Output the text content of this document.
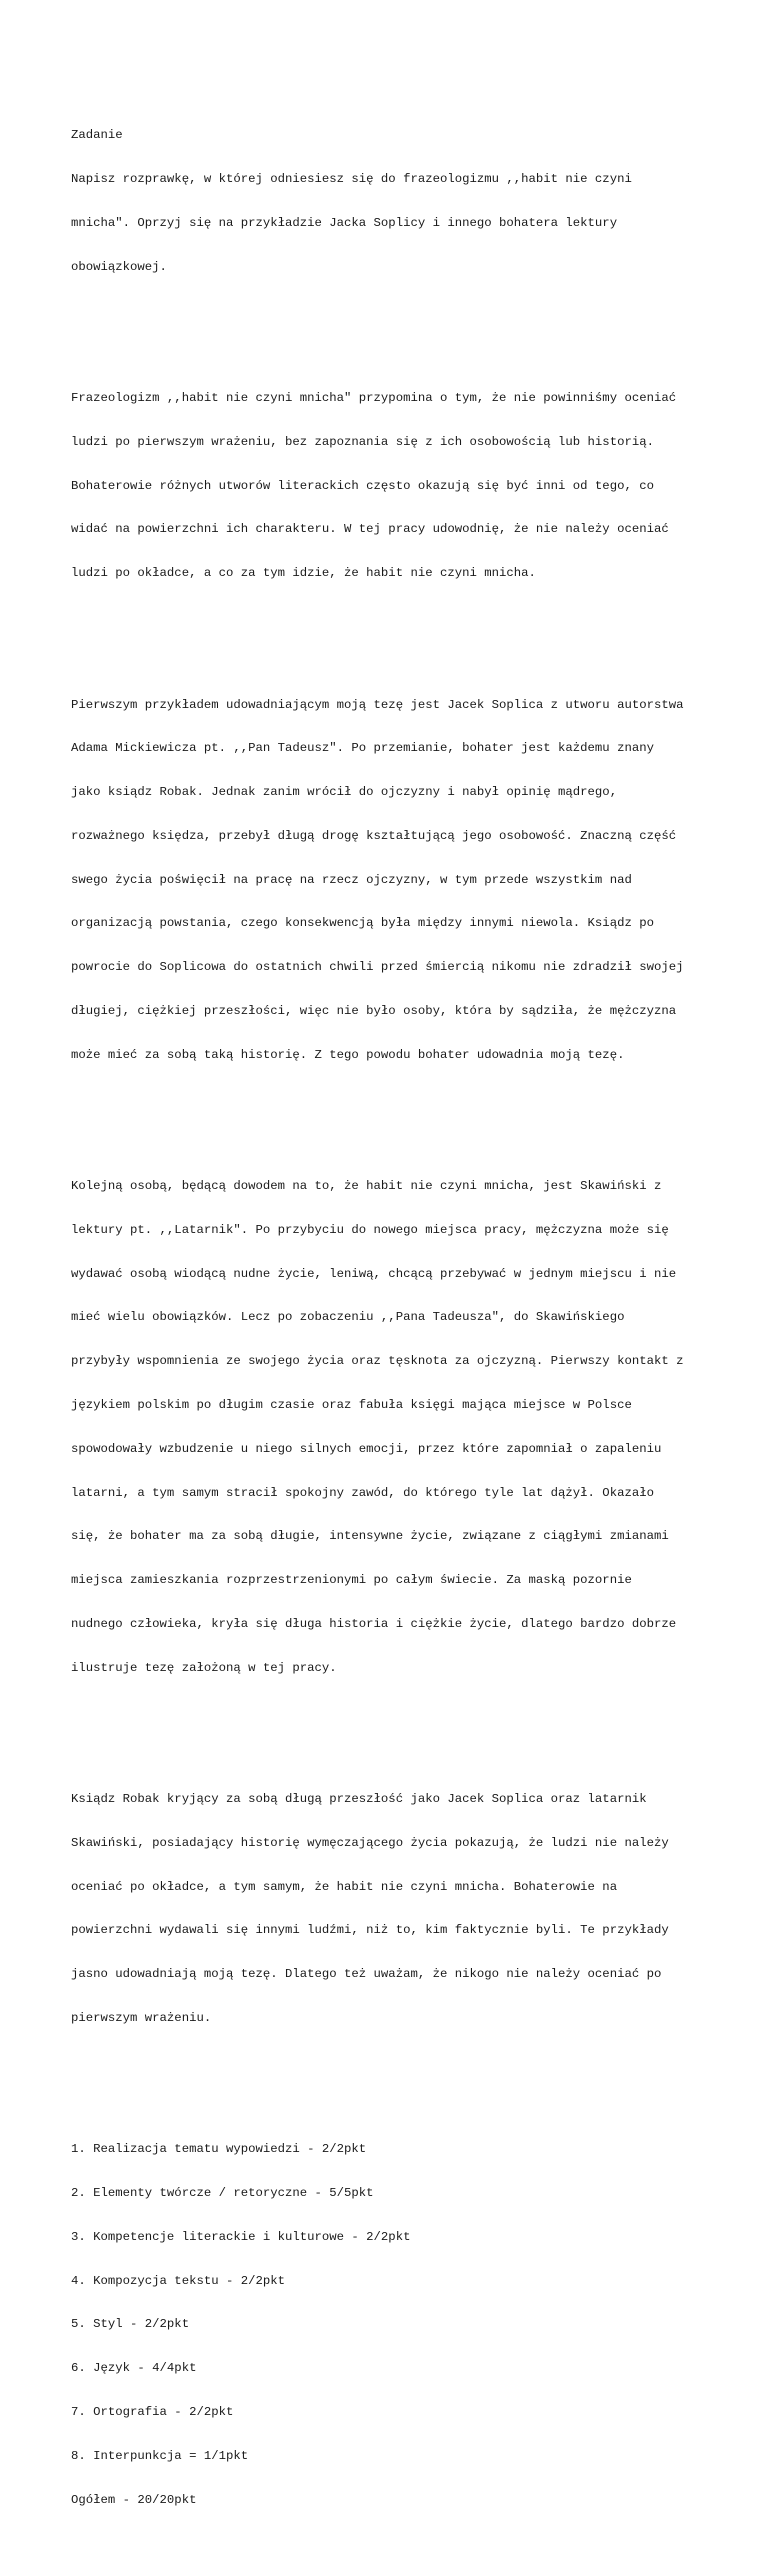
Zadanie

Napisz rozprawkę, w której odniesiesz się do frazeologizmu ,,habit nie czyni

mnicha". Oprzyj się na przykładzie Jacka Soplicy i innego bohatera lektury

obowiązkowej.

Frazeologizm ,,habit nie czyni mnicha" przypomina o tym, że nie powinniśmy oceniać

ludzi po pierwszym wrażeniu, bez zapoznania się z ich osobowością lub historią.

Bohaterowie różnych utworów literackich często okazują się być inni od tego, co

widać na powierzchni ich charakteru. W tej pracy udowodnię, że nie należy oceniać

ludzi po okładce, a co za tym idzie, że habit nie czyni mnicha.

Pierwszym przykładem udowadniającym moją tezę jest Jacek Soplica z utworu autorstwa

Adama Mickiewicza pt. ,,Pan Tadeusz". Po przemianie, bohater jest każdemu znany

jako ksiądz Robak. Jednak zanim wrócił do ojczyzny i nabył opinię mądrego,

rozważnego księdza, przebył długą drogę kształtującą jego osobowość. Znaczną część

swego życia poświęcił na pracę na rzecz ojczyzny, w tym przede wszystkim nad

organizacją powstania, czego konsekwencją była między innymi niewola. Ksiądz po

powrocie do Soplicowa do ostatnich chwili przed śmiercią nikomu nie zdradził swojej

długiej, ciężkiej przeszłości, więc nie było osoby, która by sądziła, że mężczyzna

może mieć za sobą taką historię. Z tego powodu bohater udowadnia moją tezę.

Kolejną osobą, będącą dowodem na to, że habit nie czyni mnicha, jest Skawiński z

lektury pt. ,,Latarnik". Po przybyciu do nowego miejsca pracy, mężczyzna może się

wydawać osobą wiodącą nudne życie, leniwą, chcącą przebywać w jednym miejscu i nie

mieć wielu obowiązków. Lecz po zobaczeniu ,,Pana Tadeusza", do Skawińskiego

przybyły wspomnienia ze swojego życia oraz tęsknota za ojczyzną. Pierwszy kontakt z

językiem polskim po długim czasie oraz fabuła księgi mająca miejsce w Polsce

spowodowały wzbudzenie u niego silnych emocji, przez które zapomniał o zapaleniu

latarni, a tym samym stracił spokojny zawód, do którego tyle lat dążył. Okazało

się, że bohater ma za sobą długie, intensywne życie, związane z ciągłymi zmianami

miejsca zamieszkania rozprzestrzenionymi po całym świecie. Za maską pozornie

nudnego człowieka, kryła się długa historia i ciężkie życie, dlatego bardzo dobrze

ilustruje tezę założoną w tej pracy.

Ksiądz Robak kryjący za sobą długą przeszłość jako Jacek Soplica oraz latarnik

Skawiński, posiadający historię wymęczającego życia pokazują, że ludzi nie należy

oceniać po okładce, a tym samym, że habit nie czyni mnicha. Bohaterowie na

powierzchni wydawali się innymi ludźmi, niż to, kim faktycznie byli. Te przykłady

jasno udowadniają moją tezę. Dlatego też uważam, że nikogo nie należy oceniać po

pierwszym wrażeniu.

1. Realizacja tematu wypowiedzi - 2/2pkt

2. Elementy twórcze / retoryczne - 5/5pkt

3. Kompetencje literackie i kulturowe - 2/2pkt

4. Kompozycja tekstu - 2/2pkt

5. Styl - 2/2pkt

6. Język - 4/4pkt

7. Ortografia - 2/2pkt

8. Interpunkcja = 1/1pkt

Ogółem - 20/20pkt
